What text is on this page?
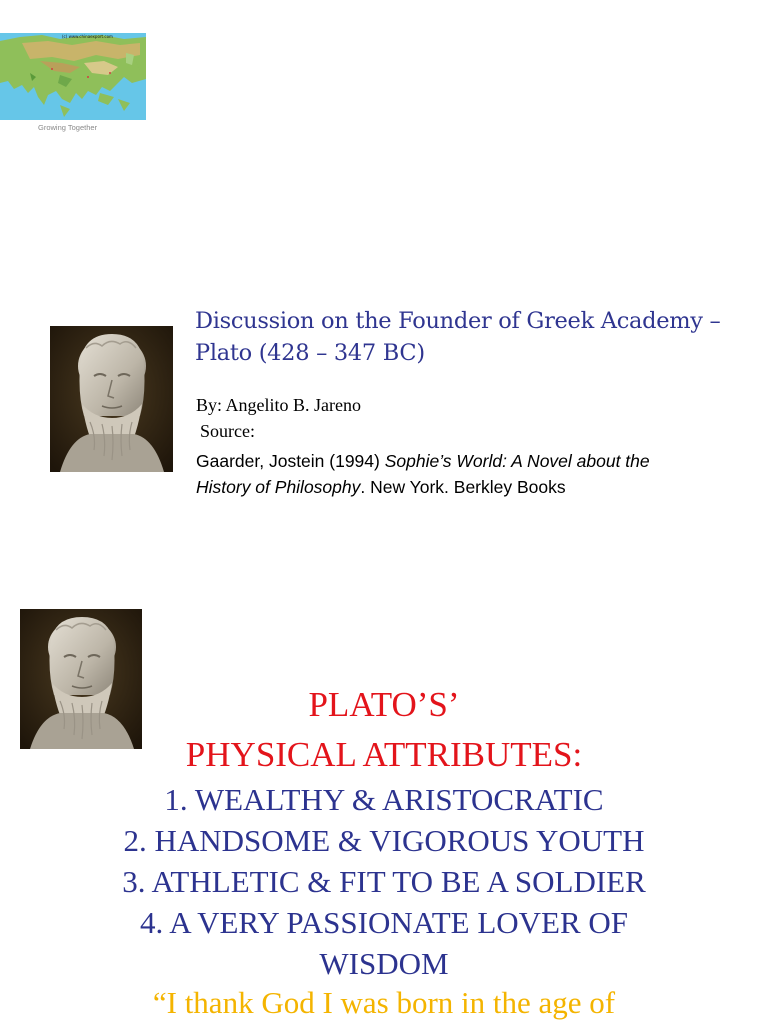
(c) www.chinaexport.com
Growing Together
Discussion on the Founder of Greek Academy –
Plato (428 – 347 BC)
By: Angelito B. Jareno
Source:
Gaarder, Jostein (1994) Sophie’s World: A Novel about the
History of Philosophy. New York. Berkley Books
PLATO’S’
PHYSICAL ATTRIBUTES:
1. WEALTHY & ARISTOCRATIC
2. HANDSOME & VIGOROUS YOUTH
3. ATHLETIC & FIT TO BE A SOLDIER
4. A VERY PASSIONATE LOVER OF
WISDOM
“I thank God I was born in the age of
